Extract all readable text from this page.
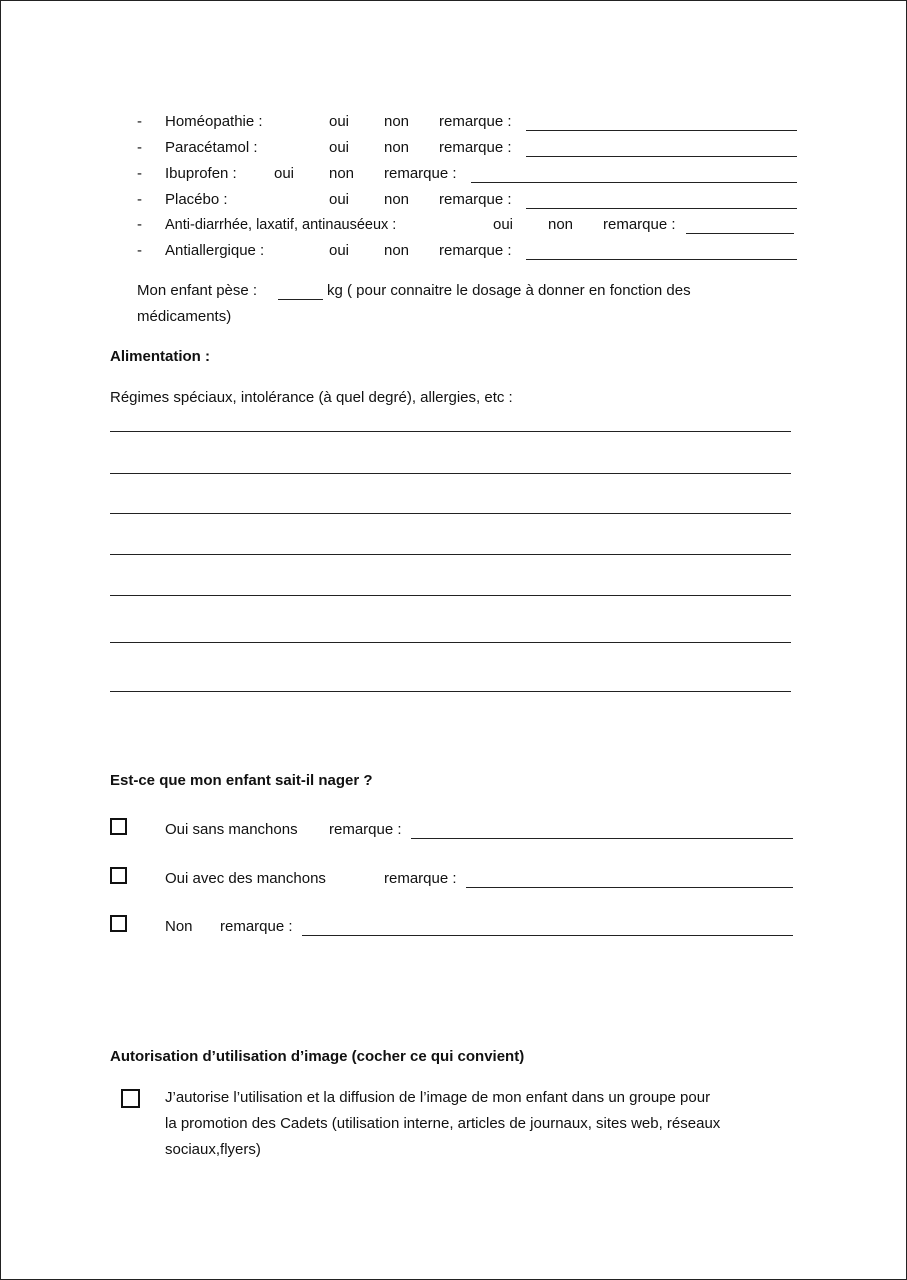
- Homéopathie :	oui non remarque :
- Paracétamol :	oui non remarque :
- Ibuprofen : oui non remarque :
- Placébo :	oui non remarque :
- Anti-diarrhée, laxatif, antinauséeux :	oui non remarque :
- Antiallergique :	oui non remarque :
Mon enfant pèse :	kg ( pour connaitre le dosage à donner en fonction des
médicaments)
Alimentation :
Régimes spéciaux, intolérance (à quel degré), allergies, etc :
Est-ce que mon enfant sait-il nager ?
Oui sans manchons remarque :
Oui avec des manchons	remarque :
Non remarque :
Autorisation d’utilisation d’image (cocher ce qui convient)
J’autorise l’utilisation et la diffusion de l’image de mon enfant dans un groupe pour
la promotion des Cadets (utilisation interne, articles de journaux, sites web, réseaux
sociaux,flyers)
